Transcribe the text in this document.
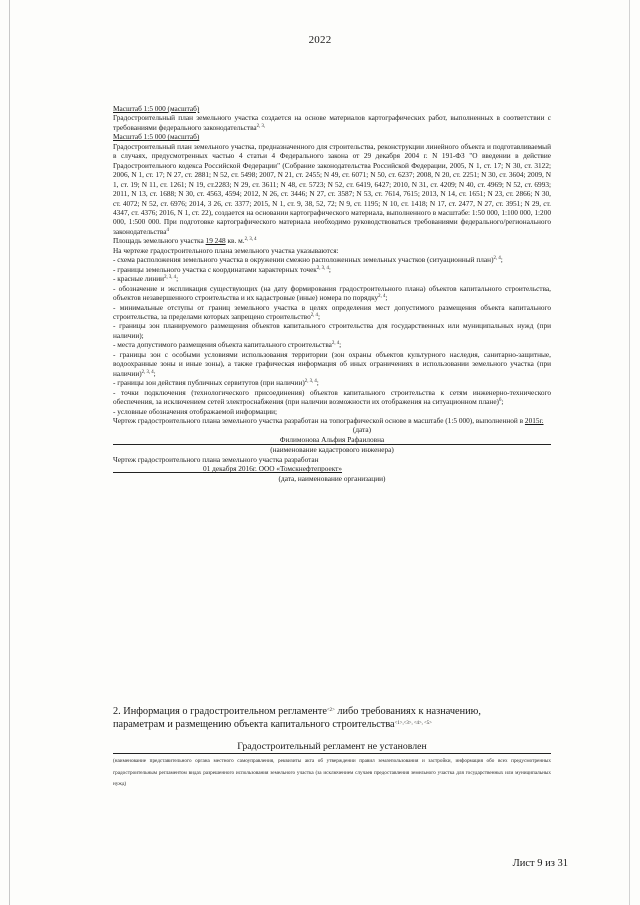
2022

Масштаб 1:5 000 (масштаб)

Градостроительный план земельного участка создается на основе материалов картографических работ, выполненных в соответствии с требованиями федерального законодательства$^{2, 3,}$

Масштаб 1:5 000 (масштаб)

Градостроительный план земельного участка, предназначенного для строительства, реконструкции линейного объекта и подготавливаемый в случаях, предусмотренных частью 4 статьи 4 Федерального закона от 29 декабря 2004 г. N 191-ФЗ "О введении в действие Градостроительного кодекса Российской Федерации" (Собрание законодательства Российской Федерации, 2005, N 1, ст. 17; N 30, ст. 3122; 2006, N 1, ст. 17; N 27, ст. 2881; N 52, ст. 5498; 2007, N 21, ст. 2455; N 49, ст. 6071; N 50, ст. 6237; 2008, N 20, ст. 2251; N 30, ст. 3604; 2009, N 1, ст. 19; N 11, ст. 1261; N 19, ст.2283; N 29, ст. 3611; N 48, ст. 5723; N 52, ст. 6419, 6427; 2010, N 31, ст. 4209; N 40, ст. 4969; N 52, ст. 6993; 2011, N 13, ст. 1688; N 30, ст. 4563, 4594; 2012, N 26, ст. 3446; N 27, ст. 3587; N 53, ст. 7614, 7615; 2013, N 14, ст. 1651; N 23, ст. 2866; N 30, ст. 4072; N 52, ст. 6976; 2014, 3 26, ст. 3377; 2015, N 1, ст. 9, 38, 52, 72; N 9, ст. 1195; N 10, ст. 1418; N 17, ст. 2477, N 27, ст. 3951; N 29, ст. 4347, ст. 4376; 2016, N 1, ст. 22), создается на основании картографического материала, выполненного в масштабе: 1:50 000, 1:100 000, 1:200 000, 1:500 000. При подготовке картографического материала необходимо руководствоваться требованиями федерального/регионального законодательства$^4$

Площадь земельного участка 19 248 кв. м.$^{2, 3, 4}$

На чертеже градостроительного плана земельного участка указываются:

- схема расположения земельного участка в окружении смежно расположенных земельных участков (ситуационный план)$^{2, 4}$;

- границы земельного участка с координатами характерных точек$^{2, 3, 4}$;

- красные линии$^{2, 3, 4}$;

- обозначение и экспликация существующих (на дату формирования градостроительного плана) объектов капитального строительства, объектов незавершенного строительства и их кадастровые (иные) номера по порядку$^{2, 4}$;

- минимальные отступы от границ земельного участка в целях определения мест допустимого размещения объекта капитального строительства, за пределами которых запрещено строительство$^{2, 4}$;

- границы зон планируемого размещения объектов капитального строительства для государственных или муниципальных нужд (при наличии);

- места допустимого размещения объекта капитального строительства$^{2, 4}$;

- границы зон с особыми условиями использования территории (зон охраны объектов культурного наследия, санитарно-защитные, водоохранные зоны и иные зоны), а также графическая информация об иных ограничениях в использовании земельного участка (при наличии)$^{2, 3, 4}$;

- границы зон действия публичных сервитутов (при наличии)$^{2, 3, 4}$;

- точки подключения (технологического присоединения) объектов капитального строительства к сетям инженерно-технического обеспечения, за исключением сетей электроснабжения (при наличии возможности их отображения на ситуационном плане)$^6$;

- условные обозначения отображаемой информации;

Чертеж градостроительного плана земельного участка разработан на топографической основе в масштабе (1:5 000), выполненной в 2015г.

(дата)
Филимонова Альфия Рафаиловна
(наименование кадастрового инженера)

Чертеж градостроительного плана земельного участка разработан

01 декабря 2016г. ООО «Томскнефтепроект»
(дата, наименование организации)
2. Информация о градостроительном регламенте$^{<2>}$ либо требованиях к назначению,
параметрам и размещению объекта капитального строительства$^{<1>,<3>, <4>, <5>}$
Градостроительный регламент не установлен
(наименование представительного органа местного самоуправления, реквизиты акта об утверждении правил землепользования и застройки, информация обо всех предусмотренных градостроительным регламентом видах разрешенного использования земельного участка (за исключением случаев предоставления земельного участка для государственных или муниципальных нужд)
Лист 9 из 31
